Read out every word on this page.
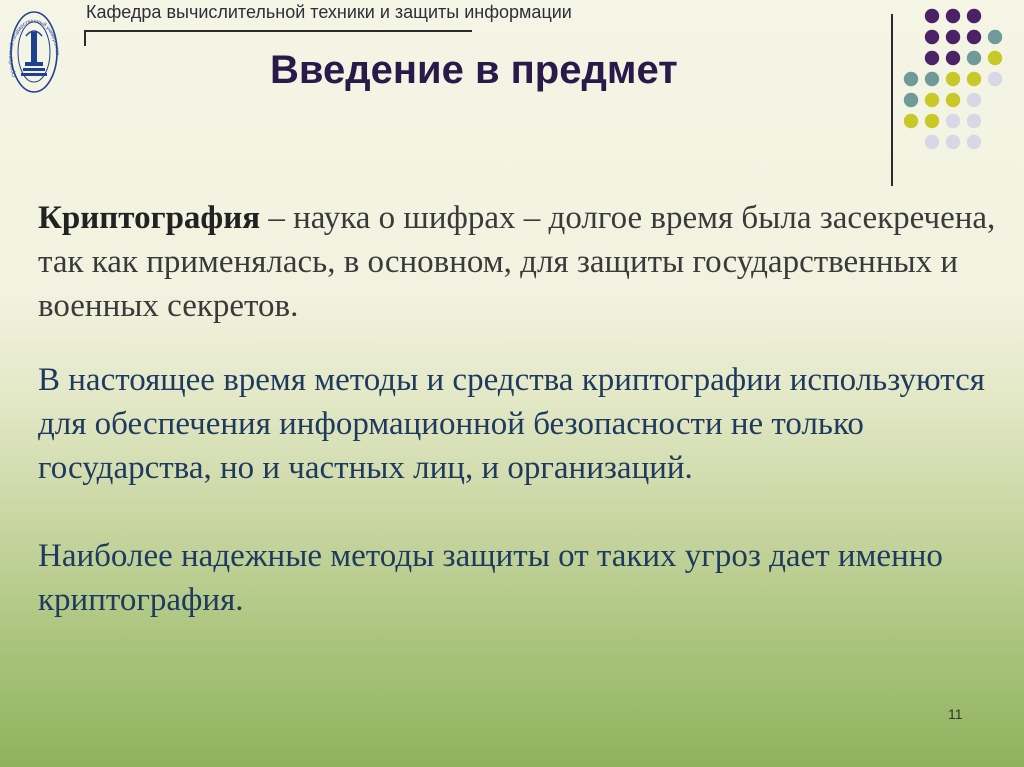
Оренбургский государственный университет
Кафедра вычислительной техники и защиты информации
Введение в предмет

Криптография – наука о шифрах – долгое время была засекречена, так как применялась, в основном, для защиты государственных и военных секретов.

В настоящее время методы и средства криптографии используются для обеспечения информационной безопасности не только государства, но и частных лиц, и организаций.

Наиболее надежные методы защиты от таких угроз дает именно криптография.

11
